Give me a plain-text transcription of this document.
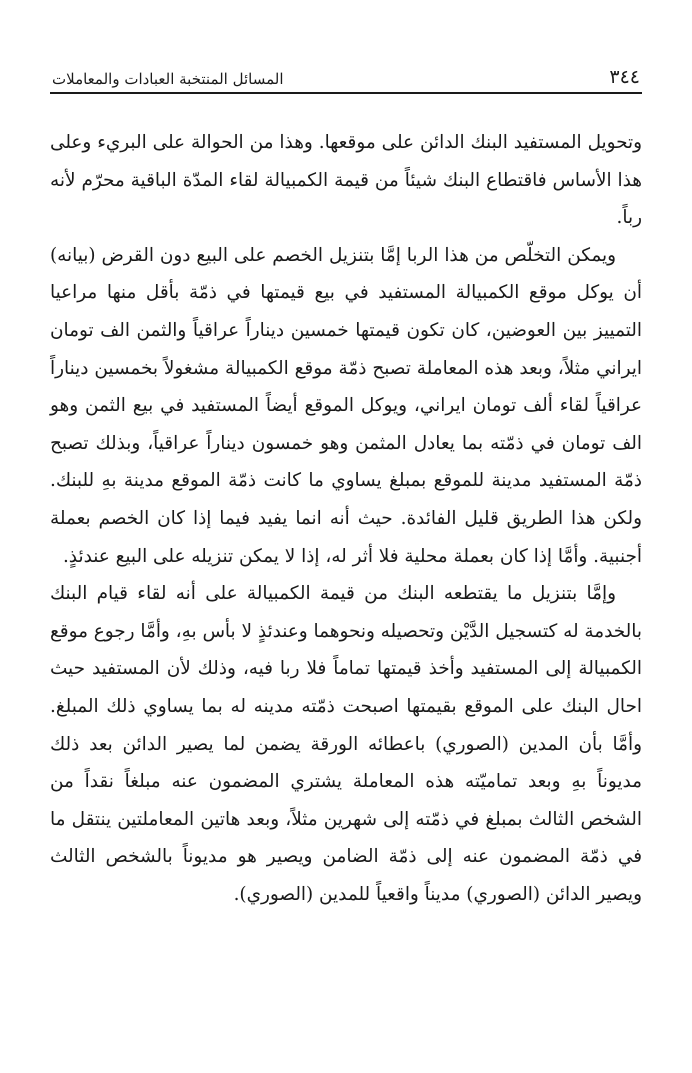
٣٤٤
المسائل المنتخبة العبادات والمعاملات

وتحويل المستفيد البنك الدائن على موقعها. وهذا من الحوالة على البريء وعلى هذا الأساس فاقتطاع البنك شيئاً من قيمة الكمبيالة لقاء المدّة الباقية محرّم لأنه رباً.

ويمكن التخلّص من هذا الربا إمَّا بتنزيل الخصم على البيع دون القرض (بيانه) أن يوكل موقع الكمبيالة المستفيد في بيع قيمتها في ذمّة بأقل منها مراعيا التمييز بين العوضين، كان تكون قيمتها خمسين ديناراً عراقياً والثمن الف تومان ايراني مثلاً، وبعد هذه المعاملة تصبح ذمّة موقع الكمبيالة مشغولاً بخمسين ديناراً عراقياً لقاء ألف تومان ايراني، ويوكل الموقع أيضاً المستفيد في بيع الثمن وهو الف تومان في ذمّته بما يعادل المثمن وهو خمسون ديناراً عراقياً، وبذلك تصبح ذمّة المستفيد مدينة للموقع بمبلغ يساوي ما كانت ذمّة الموقع مدينة بهِ للبنك. ولكن هذا الطريق قليل الفائدة. حيث أنه انما يفيد فيما إذا كان الخصم بعملة أجنبية. وأمَّا إذا كان بعملة محلية فلا أثر له، إذا لا يمكن تنزيله على البيع عندئذٍ.

وإمَّا بتنزيل ما يقتطعه البنك من قيمة الكمبيالة على أنه لقاء قيام البنك بالخدمة له كتسجيل الدَّيْن وتحصيله ونحوهما وعندئذٍ لا بأس بهِ، وأمَّا رجوع موقع الكمبيالة إلى المستفيد وأخذ قيمتها تماماً فلا ربا فيه، وذلك لأن المستفيد حيث احال البنك على الموقع بقيمتها اصبحت ذمّته مدينه له بما يساوي ذلك المبلغ. وأمَّا بأن المدين (الصوري) باعطائه الورقة يضمن لما يصير الدائن بعد ذلك مديوناً بهِ وبعد تماميّته هذه المعاملة يشتري المضمون عنه مبلغاً نقداً من الشخص الثالث بمبلغ في ذمّته إلى شهرين مثلاً، وبعد هاتين المعاملتين ينتقل ما في ذمّة المضمون عنه إلى ذمّة الضامن ويصير هو مديوناً بالشخص الثالث ويصير الدائن (الصوري) مديناً واقعياً للمدين (الصوري).
